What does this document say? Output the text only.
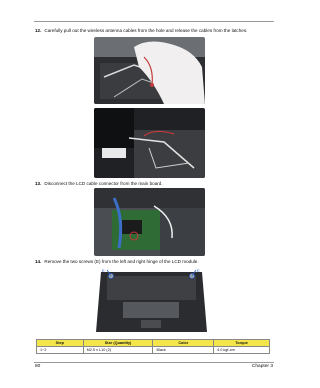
12. Carefully pull out the wireless antenna cables from the hole and release the cables from the latches.
13. Disconnect the LCD cable connector from the main board.
14. Remove the two screws (E) from the left and right hinge of the LCD module.
E	E
Step	Size (Quantity)	Color	Torque
1~2	M2.5 x L10 (2)	Black	4.0 kgf-cm
80	Chapter 3
